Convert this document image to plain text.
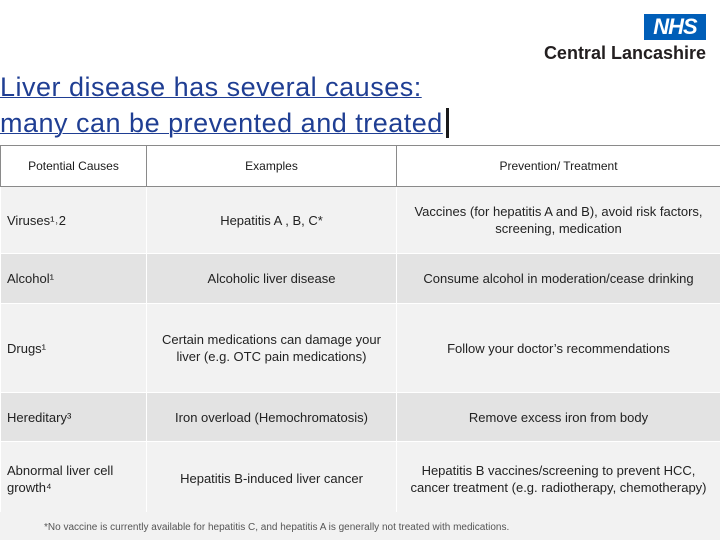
NHS
Central Lancashire
Liver disease has several causes:
many can be prevented and treated
Potential Causes	Examples	Prevention/ Treatment
Viruses¹˒2	Hepatitis A , B, C*	Vaccines (for hepatitis A and B), avoid risk factors, screening, medication
Alcohol¹	Alcoholic liver disease	Consume alcohol in moderation/cease drinking
Drugs¹	Certain medications can damage your liver (e.g. OTC pain medications)	Follow your doctor’s recommendations
Hereditary³	Iron overload (Hemochromatosis)	Remove excess iron from body
Abnormal liver cell growth⁴	Hepatitis B-induced liver cancer	Hepatitis B vaccines/screening to prevent HCC, cancer treatment (e.g. radiotherapy, chemotherapy)
*No vaccine is currently available for hepatitis C, and hepatitis A is generally not treated with medications.
